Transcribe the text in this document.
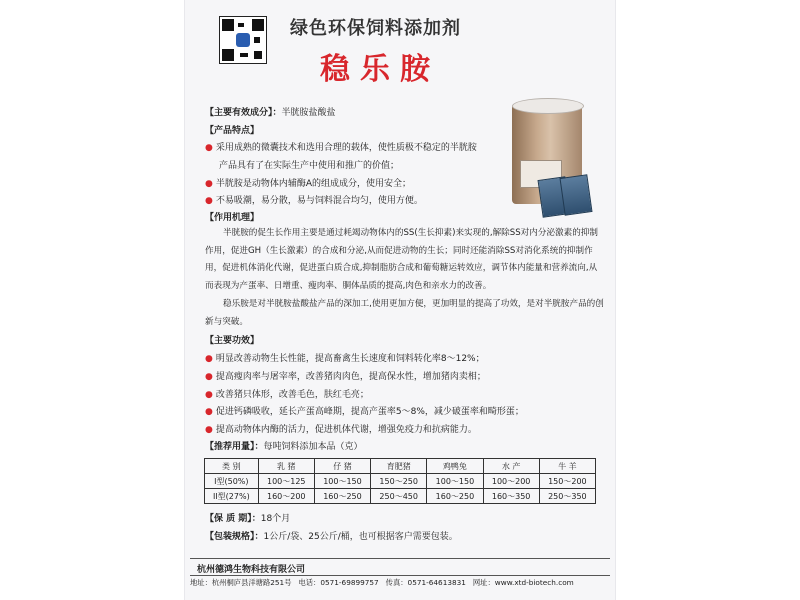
绿色环保饲料添加剂
稳乐胺
【主要有效成分】：半胱胺盐酸盐
【产品特点】
● 采用成熟的微囊技术和选用合理的载体，使性质极不稳定的半胱胺
产品具有了在实际生产中使用和推广的价值；
● 半胱胺是动物体内辅酶A的组成成分，使用安全；
● 不易吸潮，易分散，易与饲料混合均匀，使用方便。
【作用机理】
半胱胺的促生长作用主要是通过耗竭动物体内的SS(生长抑素)来实现的,解除SS对内分泌激素的抑制作用，促进GH（生长激素）的合成和分泌,从而促进动物的生长；同时还能消除SS对消化系统的抑制作用，促进机体消化代谢，促进蛋白质合成,抑制脂肪合成和葡萄糖运转效应，调节体内能量和营养流向,从而表现为产蛋率、日增重、瘦肉率、胴体品质的提高,肉色和亲水力的改善。
稳乐胺是对半胱胺盐酸盐产品的深加工,使用更加方便，更加明显的提高了功效，是对半胱胺产品的创新与突破。
【主要功效】
● 明显改善动物生长性能，提高畜禽生长速度和饲料转化率8～12%；
● 提高瘦肉率与屠宰率，改善猪肉肉色，提高保水性，增加猪肉卖相；
● 改善猪只体形，改善毛色，肤红毛亮；
● 促进钙磷吸收，延长产蛋高峰期，提高产蛋率5～8%，减少破蛋率和畸形蛋；
● 提高动物体内酶的活力，促进机体代谢，增强免疫力和抗病能力。
【推荐用量】：每吨饲料添加本品（克）
类 别	乳 猪	仔 猪	育肥猪	鸡鸭兔	水 产	牛 羊
I型(50%)	100～125	100～150	150～250	100～150	100～200	150～200
II型(27%)	160～200	160～250	250～450	160～250	160～350	250～350
【保 质 期】：18个月
【包装规格】：1公斤/袋、25公斤/桶，也可根据客户需要包装。
杭州德鸿生物科技有限公司
地址：杭州桐庐县洋塘路251号 电话：0571-69899757 传真：0571-64613831 网址：www.xtd-biotech.com
